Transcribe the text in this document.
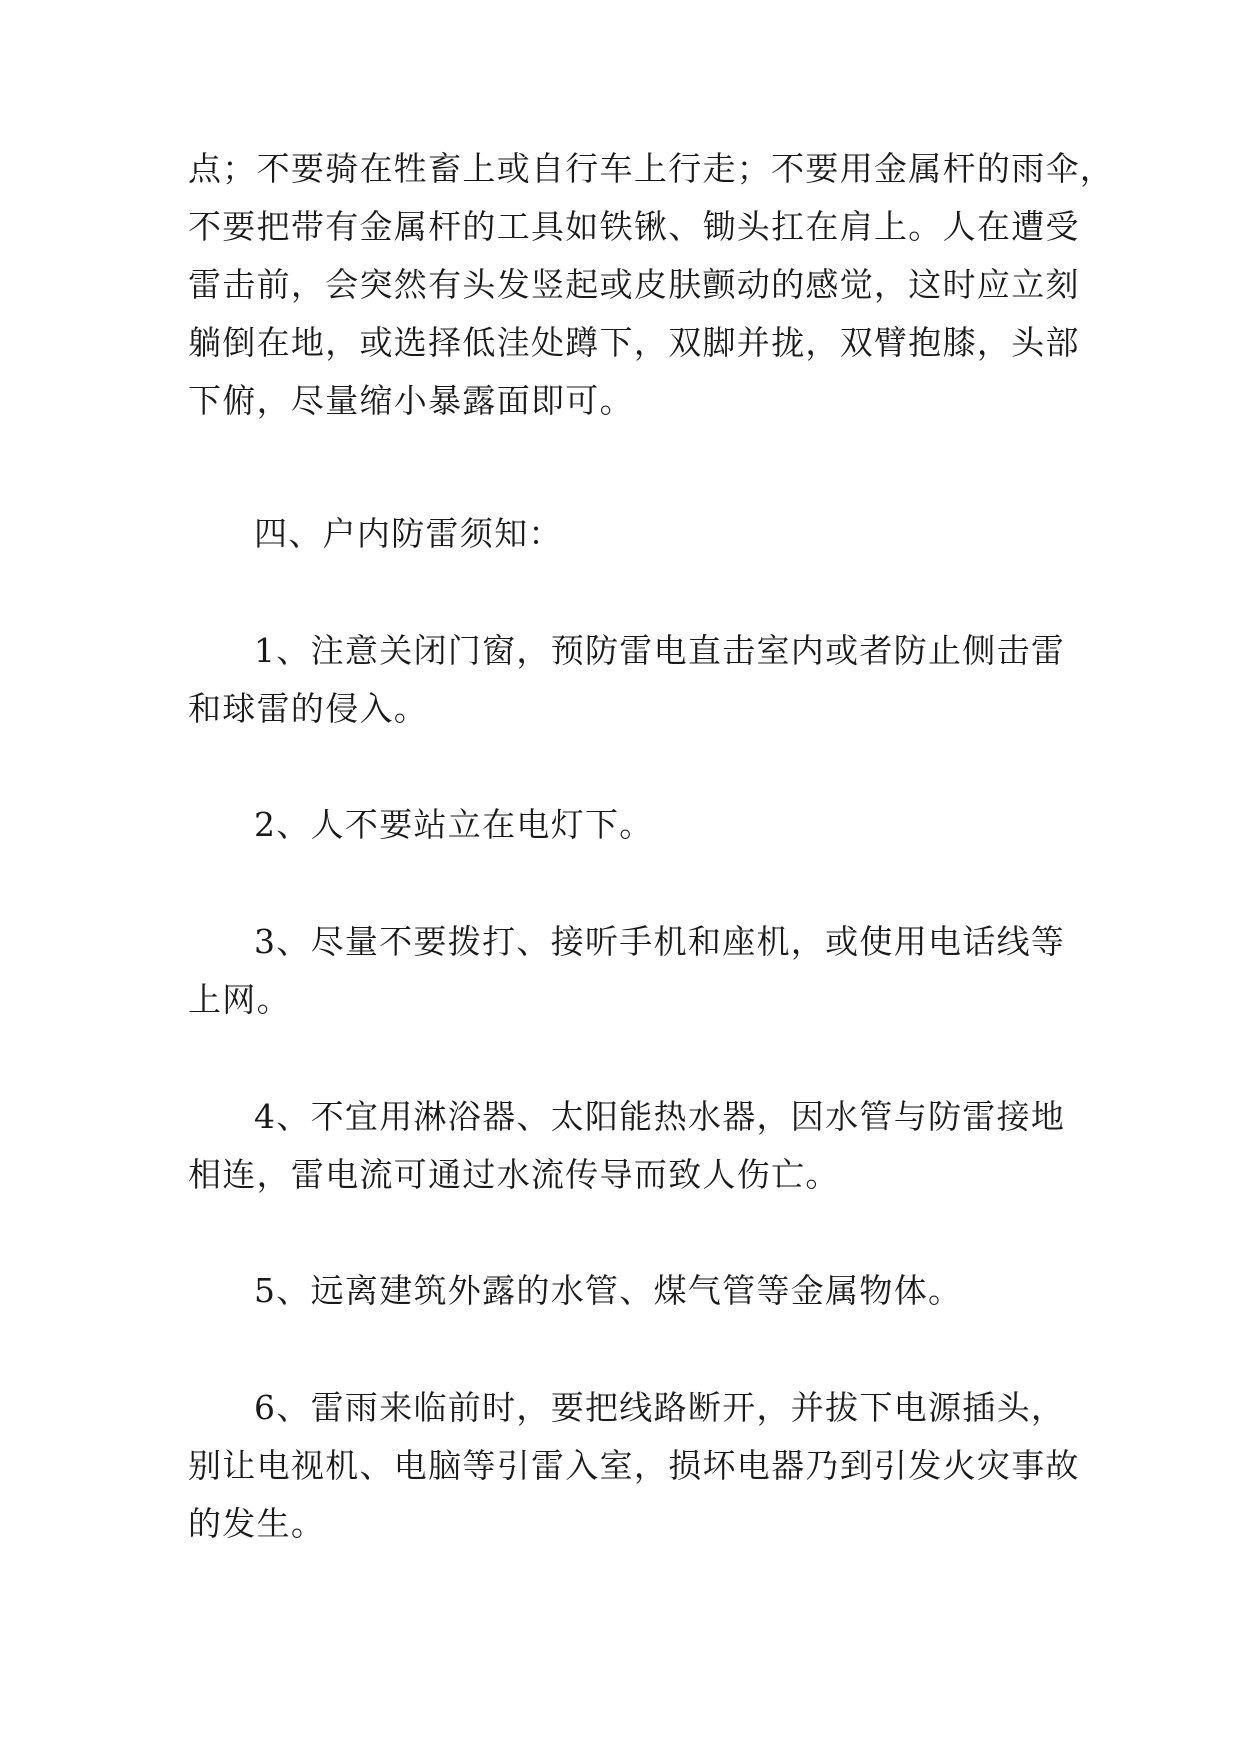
点；不要骑在牲畜上或自行车上行走；不要用金属杆的雨伞，
不要把带有金属杆的工具如铁锹、锄头扛在肩上。人在遭受
雷击前，会突然有头发竖起或皮肤颤动的感觉，这时应立刻
躺倒在地，或选择低洼处蹲下，双脚并拢，双臂抱膝，头部
下俯，尽量缩小暴露面即可。
四、户内防雷须知：
1、注意关闭门窗，预防雷电直击室内或者防止侧击雷
和球雷的侵入。
2、人不要站立在电灯下。
3、尽量不要拨打、接听手机和座机，或使用电话线等
上网。
4、不宜用淋浴器、太阳能热水器，因水管与防雷接地
相连，雷电流可通过水流传导而致人伤亡。
5、远离建筑外露的水管、煤气管等金属物体。
6、雷雨来临前时，要把线路断开，并拔下电源插头，
别让电视机、电脑等引雷入室，损坏电器乃到引发火灾事故
的发生。
